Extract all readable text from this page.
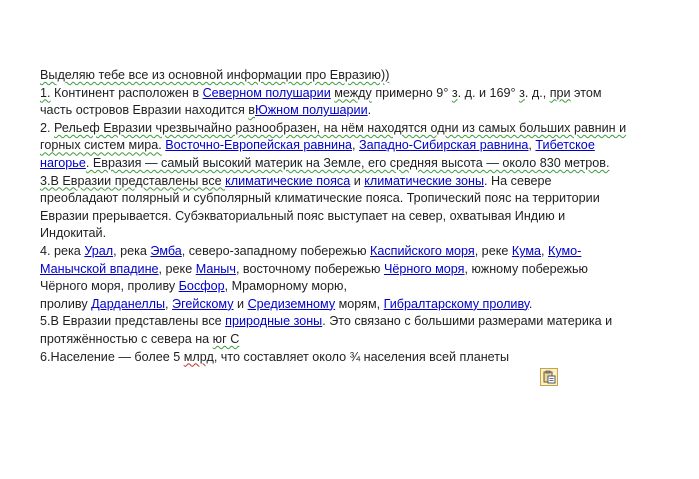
Выделяю тебе все из основной информации про Евразию))
1. Континент расположен в Северном полушарии между примерно 9° з. д. и 169° з. д., при этом
часть островов Евразии находится вЮжном полушарии.
2. Рельеф Евразии чрезвычайно разнообразен, на нём находятся одни из самых больших равнин и
горных систем мира. Восточно-Европейская равнина, Западно-Сибирская равнина, Тибетское
нагорье. Евразия — самый высокий материк на Земле, его средняя высота — около 830 метров.
3.В Евразии представлены все климатические пояса и климатические зоны. На севере
преобладают полярный и субполярный климатические пояса. Тропический пояс на территории
Евразии прерывается. Субэкваториальный пояс выступает на север, охватывая Индию и
Индокитай.
4. река Урал, река Эмба, северо-западному побережью Каспийского моря, реке Кума, Кумо-
Манычской впадине, реке Маныч, восточному побережью Чёрного моря, южному побережью
Чёрного моря, проливу Босфор, Мраморному морю,
проливу Дарданеллы, Эгейскому и Средиземному морям, Гибралтарскому проливу.
5.В Евразии представлены все природные зоны. Это связано с большими размерами материка и
протяжённостью с севера на юг С
6.Население — более 5 млрд, что составляет около ¾ населения всей планеты
